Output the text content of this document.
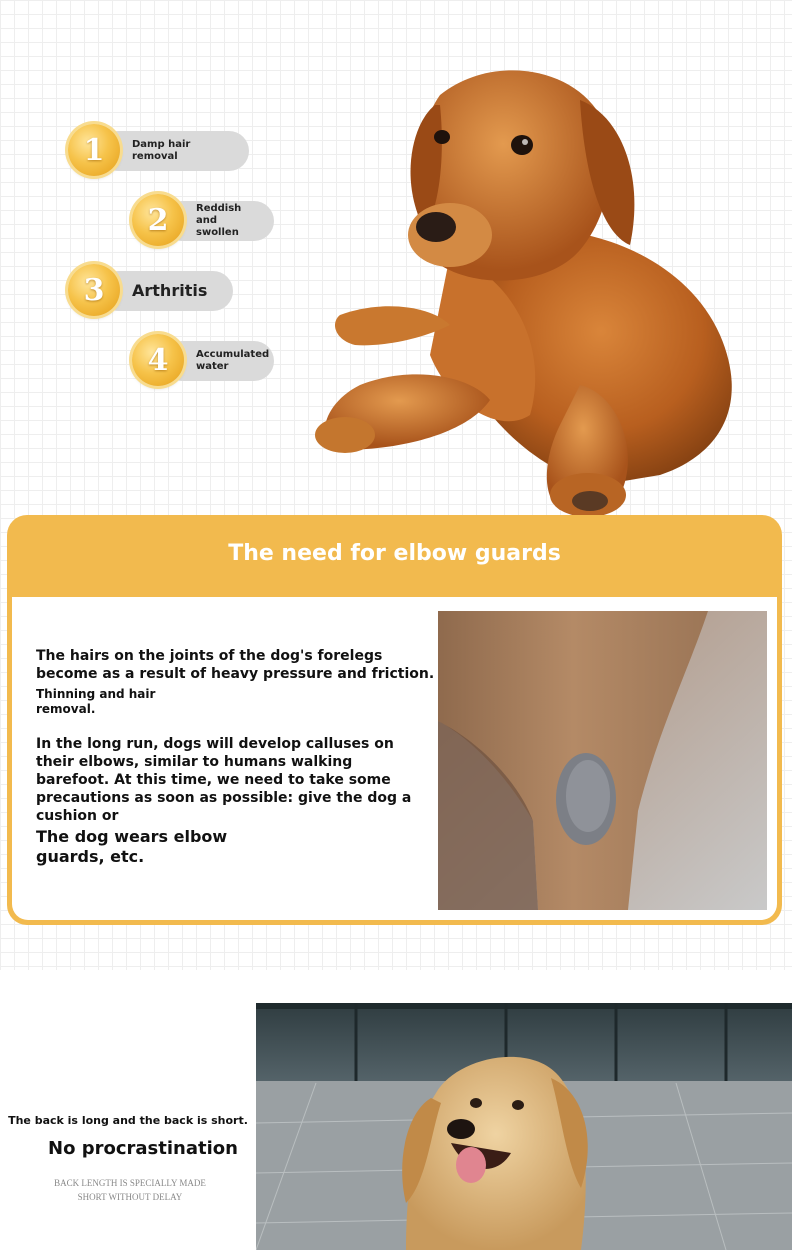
1	Damp hair removal
2	Reddish and swollen
3	Arthritis
4	Accumulated water
The need for elbow guards
The hairs on the joints of the dog's forelegs become as a result of heavy pressure and friction.
Thinning and hair removal.
In the long run, dogs will develop calluses on their elbows, similar to humans walking barefoot. At this time, we need to take some precautions as soon as possible: give the dog a cushion or
The dog wears elbow guards, etc.
The back is long and the back is short.
No procrastination
BACK LENGTH IS SPECIALLY MADE
SHORT WITHOUT DELAY
